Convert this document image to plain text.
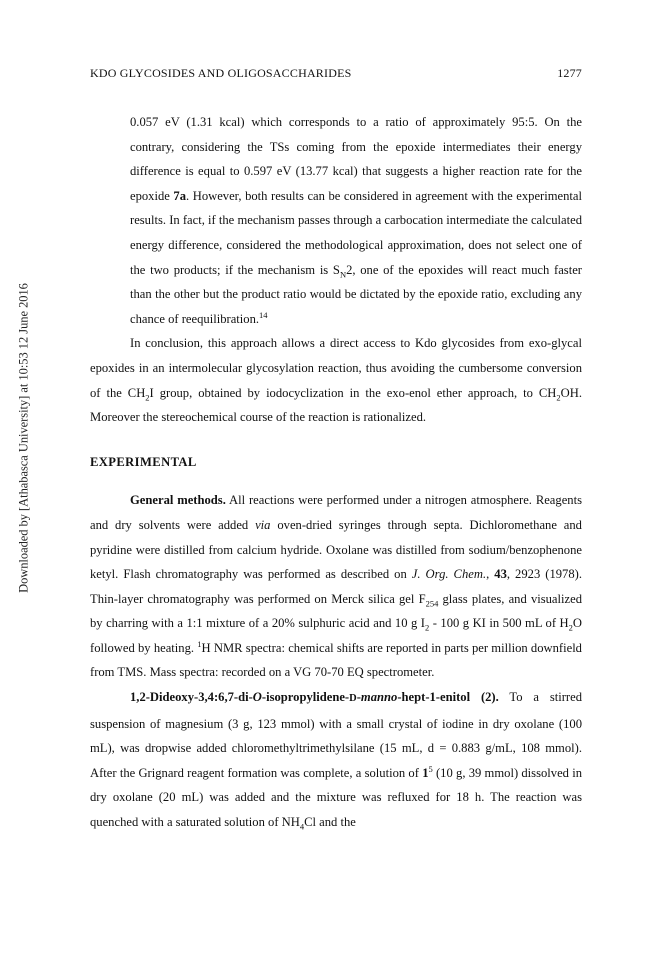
Downloaded by [Athabasca University] at 10:53 12 June 2016
KDO GLYCOSIDES AND OLIGOSACCHARIDES	1277

0.057 eV (1.31 kcal) which corresponds to a ratio of approximately 95:5. On the contrary, considering the TSs coming from the epoxide intermediates their energy difference is equal to 0.597 eV (13.77 kcal) that suggests a higher reaction rate for the epoxide 7a. However, both results can be considered in agreement with the experimental results. In fact, if the mechanism passes through a carbocation intermediate the calculated energy difference, considered the methodological approximation, does not select one of the two products; if the mechanism is $S_N2$, one of the epoxides will react much faster than the other but the product ratio would be dictated by the epoxide ratio, excluding any chance of reequilibration.$^{14}$

In conclusion, this approach allows a direct access to Kdo glycosides from exo-glycal epoxides in an intermolecular glycosylation reaction, thus avoiding the cumbersome conversion of the $CH_2I$ group, obtained by iodocyclization in the exo-enol ether approach, to $CH_2OH$. Moreover the stereochemical course of the reaction is rationalized.

EXPERIMENTAL

General methods. All reactions were performed under a nitrogen atmosphere. Reagents and dry solvents were added via oven-dried syringes through septa. Dichloromethane and pyridine were distilled from calcium hydride. Oxolane was distilled from sodium/benzophenone ketyl. Flash chromatography was performed as described on J. Org. Chem., 43, 2923 (1978). Thin-layer chromatography was performed on Merck silica gel $F_{254}$ glass plates, and visualized by charring with a 1:1 mixture of a 20% sulphuric acid and 10 g $I_2 - 100$ g KI in 500 mL of $H_2O$ followed by heating. $^1$H NMR spectra: chemical shifts are reported in parts per million downfield from TMS. Mass spectra: recorded on a VG 70-70 EQ spectrometer.

1,2-Dideoxy-3,4:6,7-di-O-isopropylidene-D-manno-hept-1-enitol (2). To a stirred suspension of magnesium (3 g, 123 mmol) with a small crystal of iodine in dry oxolane (100 mL), was dropwise added chloromethyltrimethylsilane (15 mL, d = 0.883 g/mL, 108 mmol). After the Grignard reagent formation was complete, a solution of $1^5$ (10 g, 39 mmol) dissolved in dry oxolane (20 mL) was added and the mixture was refluxed for 18 h. The reaction was quenched with a saturated solution of $NH_4Cl$ and the
